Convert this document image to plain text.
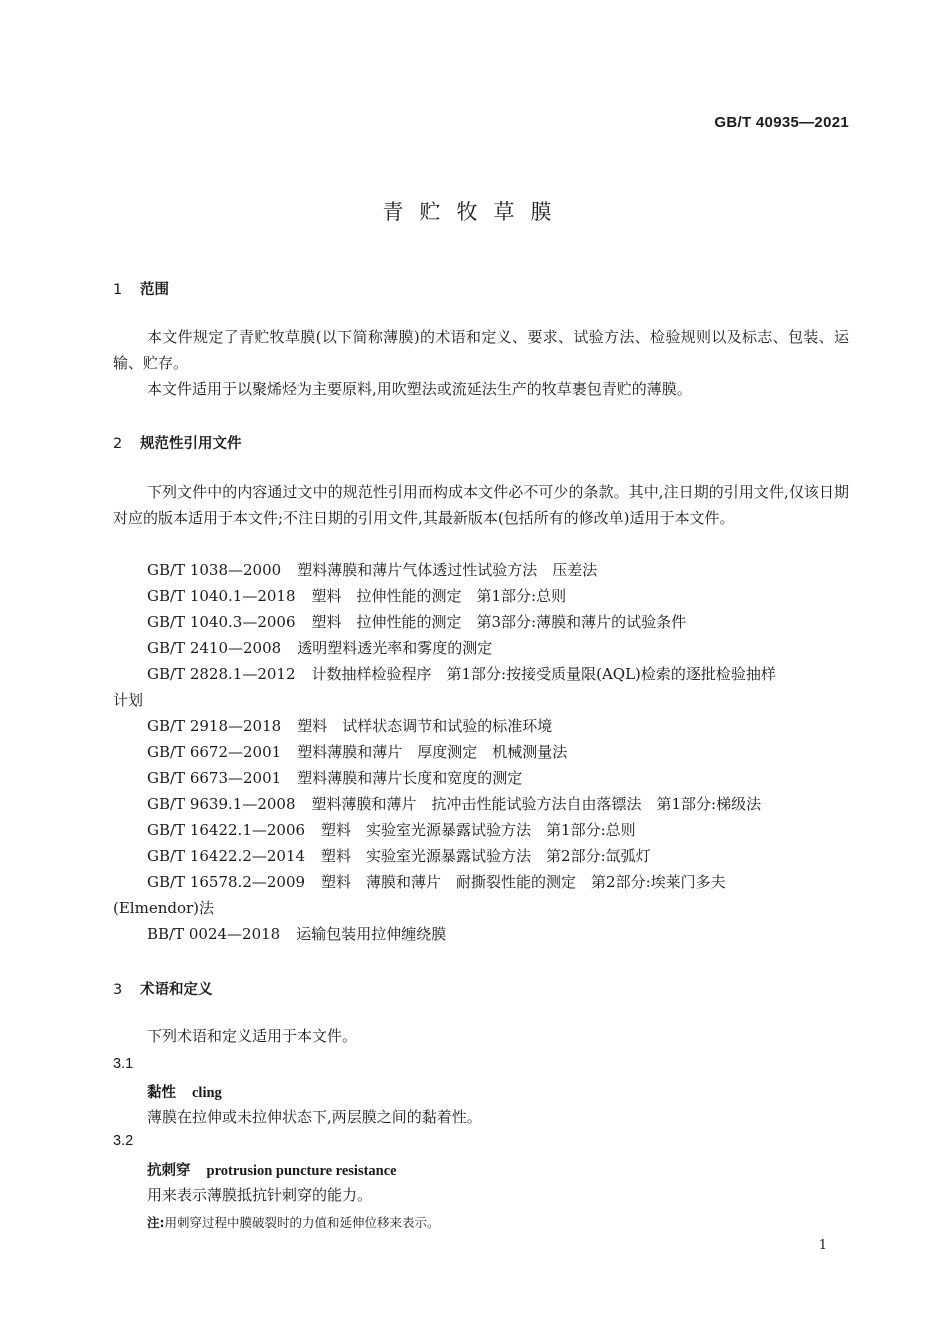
GB/T 40935—2021
青贮牧草膜
1 范围
本文件规定了青贮牧草膜(以下简称薄膜)的术语和定义、要求、试验方法、检验规则以及标志、包装、运输、贮存。
本文件适用于以聚烯烃为主要原料,用吹塑法或流延法生产的牧草裹包青贮的薄膜。
2 规范性引用文件
下列文件中的内容通过文中的规范性引用而构成本文件必不可少的条款。其中,注日期的引用文件,仅该日期对应的版本适用于本文件;不注日期的引用文件,其最新版本(包括所有的修改单)适用于本文件。
GB/T 1038—2000 塑料薄膜和薄片气体透过性试验方法　压差法
GB/T 1040.1—2018 塑料　拉伸性能的测定　第1部分:总则
GB/T 1040.3—2006 塑料　拉伸性能的测定　第3部分:薄膜和薄片的试验条件
GB/T 2410—2008 透明塑料透光率和雾度的测定
GB/T 2828.1—2012 计数抽样检验程序　第1部分:按接受质量限(AQL)检索的逐批检验抽样
计划
GB/T 2918—2018 塑料　试样状态调节和试验的标准环境
GB/T 6672—2001 塑料薄膜和薄片　厚度测定　机械测量法
GB/T 6673—2001 塑料薄膜和薄片长度和宽度的测定
GB/T 9639.1—2008 塑料薄膜和薄片　抗冲击性能试验方法自由落镖法　第1部分:梯级法
GB/T 16422.1—2006 塑料　实验室光源暴露试验方法　第1部分:总则
GB/T 16422.2—2014 塑料　实验室光源暴露试验方法　第2部分:氙弧灯
GB/T 16578.2—2009 塑料　薄膜和薄片　耐撕裂性能的测定　第2部分:埃莱门多夫
(Elmendor)法
BB/T 0024—2018 运输包装用拉伸缠绕膜
3 术语和定义
下列术语和定义适用于本文件。
3.1
黏性 cling
薄膜在拉伸或未拉伸状态下,两层膜之间的黏着性。
3.2
抗刺穿 protrusion puncture resistance
用来表示薄膜抵抗针刺穿的能力。
注:用刺穿过程中膜破裂时的力值和延伸位移来表示。
1
